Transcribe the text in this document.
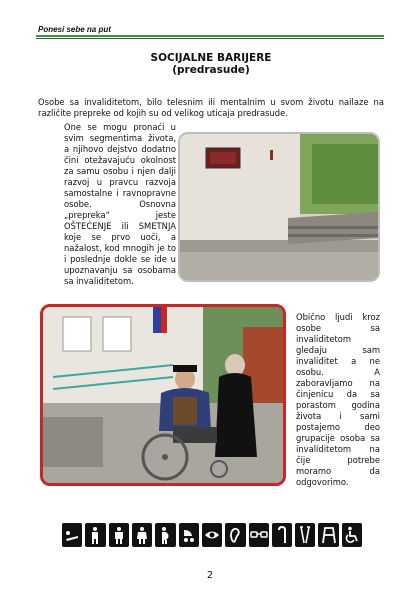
Ponesi sebe na put
SOCIJALNE BARIJERE
(predrasude)
Osobe sa invaliditetom, bilo telesnim ili mentalnim u svom životu nailaze na različite prepreke od kojih su od velikog uticaja predrasude.
One se mogu pronaći u svim segmentima života, a njihovo dejstvo dodatno čini otežavajuću okolnost za samu osobu i njen dalji razvoj u pravcu razvoja samostalne i ravnopravne osobe. Osnovna „prepreka“ jeste OŠTEĆENJE ili SMETNJA koje se prvo uoči, a nažalost, kod mnogih je to i poslednje dokle se ide u upoznavanju sa osobama sa invaliditetom.
Obično ljudi kroz osobe sa invaliditetom gledaju sam invaliditet a ne osobu. A zaboravljamo na činjenicu da sa porastom godina života i sami postajemo deo grupacije osoba sa invaliditetom na čije potrebe moramo da odgovorimo.
2
